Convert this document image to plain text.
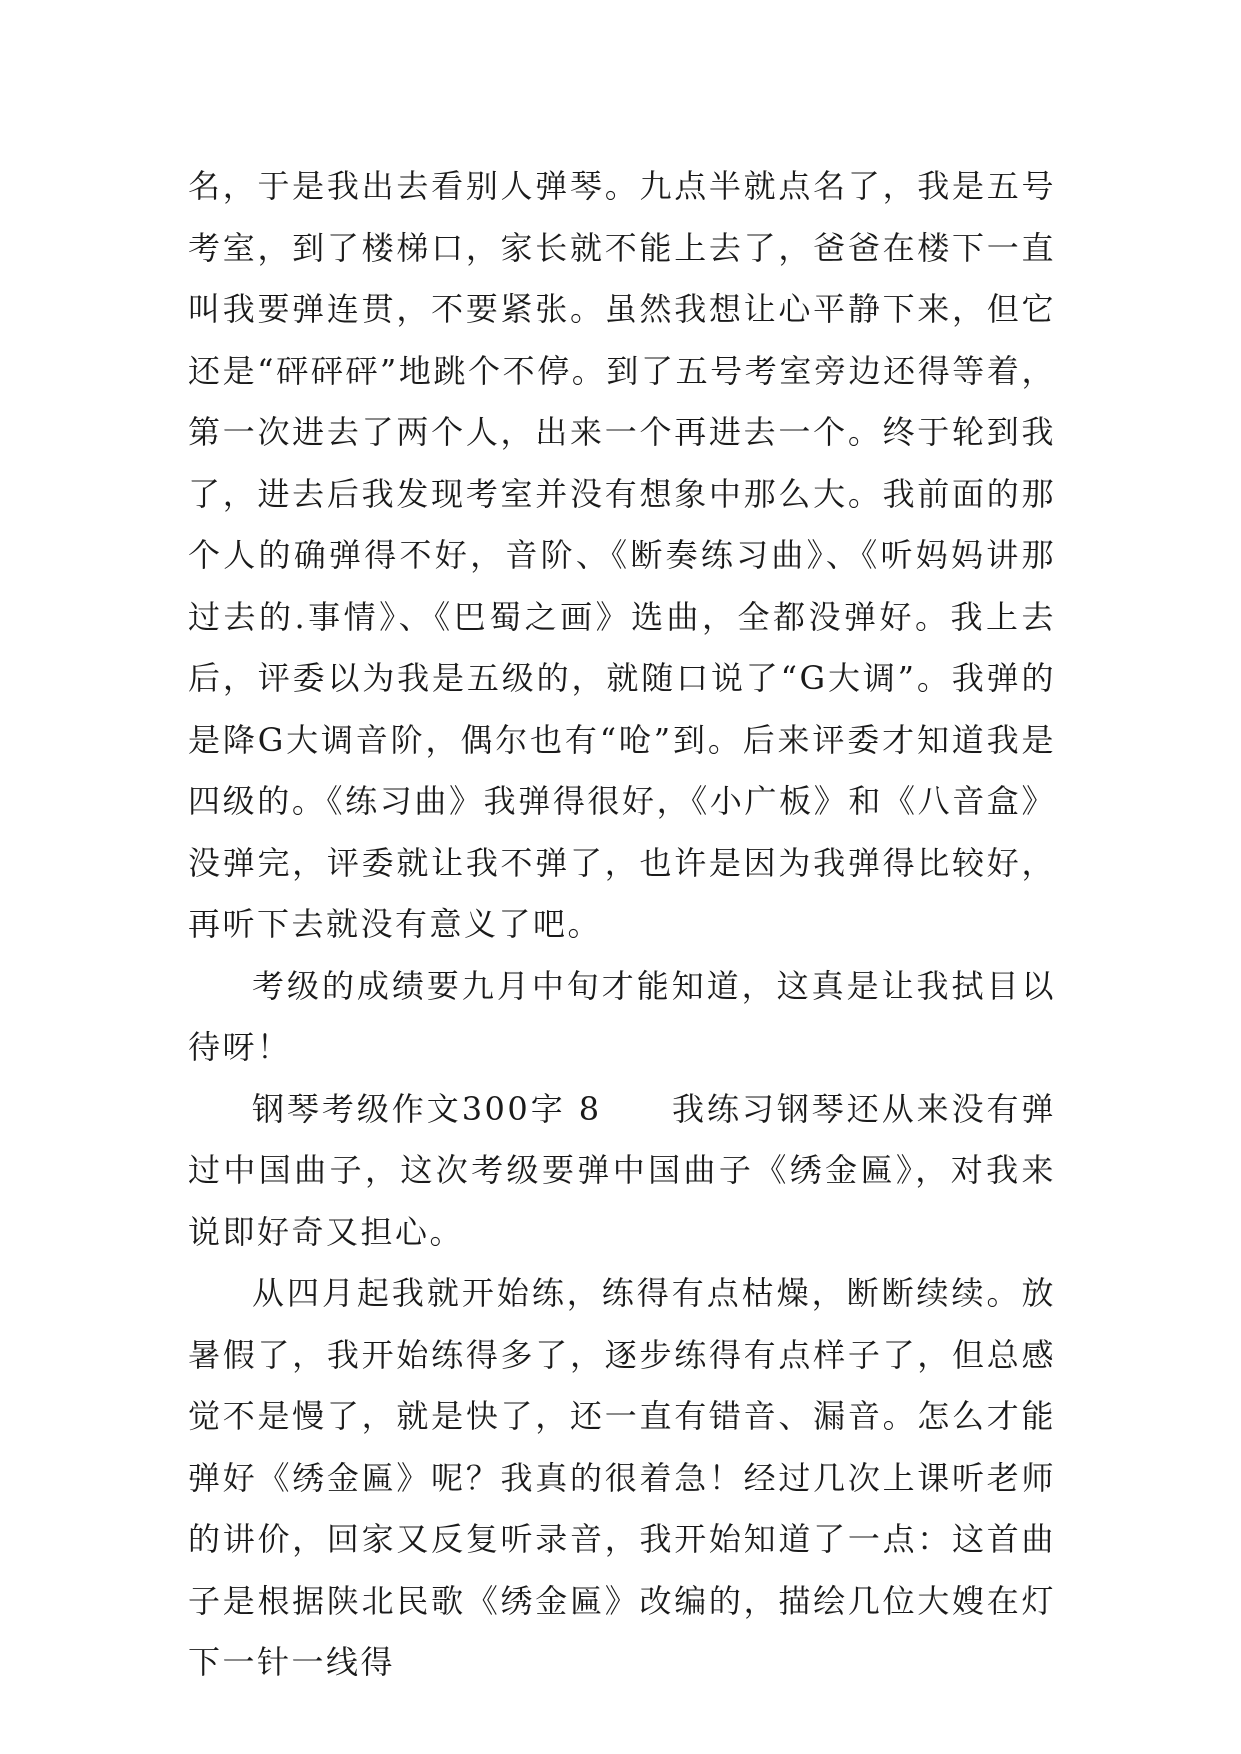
名，于是我出去看别人弹琴。九点半就点名了，我是五号考室，到了楼梯口，家长就不能上去了，爸爸在楼下一直叫我要弹连贯，不要紧张。虽然我想让心平静下来，但它还是“砰砰砰”地跳个不停。到了五号考室旁边还得等着，第一次进去了两个人，出来一个再进去一个。终于轮到我了，进去后我发现考室并没有想象中那么大。我前面的那个人的确弹得不好，音阶、《断奏练习曲》、《听妈妈讲那过去的.事情》、《巴蜀之画》选曲，全都没弹好。我上去后，评委以为我是五级的，就随口说了“G大调”。我弹的是降G大调音阶，偶尔也有“呛”到。后来评委才知道我是四级的。《练习曲》我弹得很好，《小广板》和《八音盒》没弹完，评委就让我不弹了，也许是因为我弹得比较好，再听下去就没有意义了吧。

考级的成绩要九月中旬才能知道，这真是让我拭目以待呀！

钢琴考级作文300字 8　　我练习钢琴还从来没有弹过中国曲子，这次考级要弹中国曲子《绣金匾》，对我来说即好奇又担心。

从四月起我就开始练，练得有点枯燥，断断续续。放暑假了，我开始练得多了，逐步练得有点样子了，但总感觉不是慢了，就是快了，还一直有错音、漏音。怎么才能弹好《绣金匾》呢？我真的很着急！经过几次上课听老师的讲价，回家又反复听录音，我开始知道了一点：这首曲子是根据陕北民歌《绣金匾》改编的，描绘几位大嫂在灯下一针一线得
